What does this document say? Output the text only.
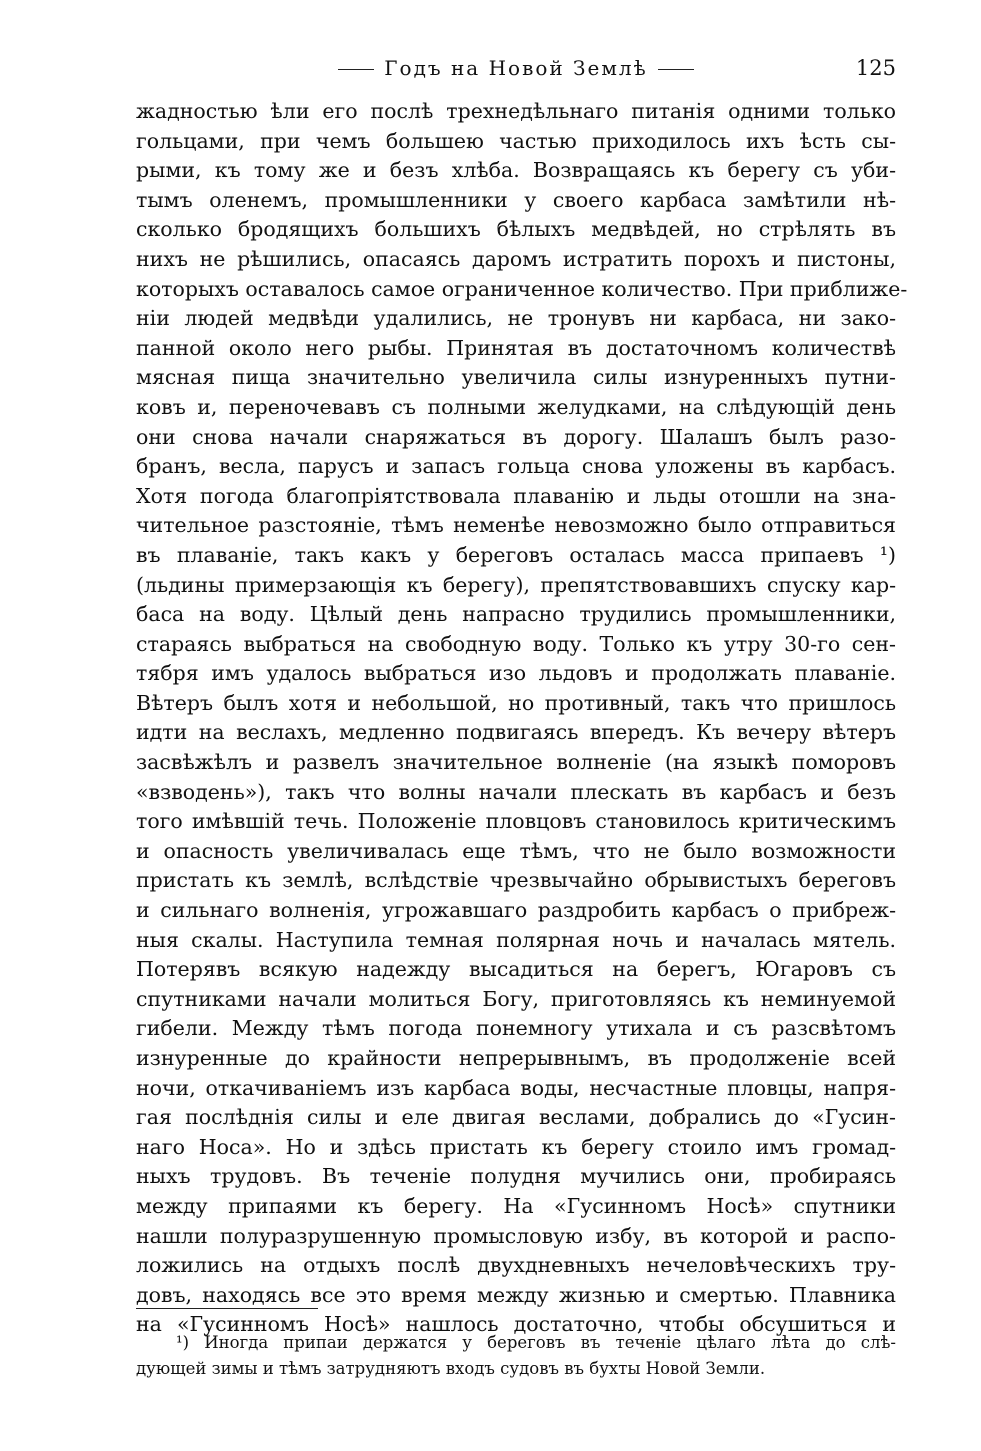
Годъ на Новой Землѣ	125
жадностью ѣли его послѣ трехнедѣльнаго питанія одними только
гольцами, при чемъ большею частью приходилось ихъ ѣсть сы-
рыми, къ тому же и безъ хлѣба. Возвращаясь къ берегу съ уби-
тымъ оленемъ, промышленники у своего карбаса замѣтили нѣ-
сколько бродящихъ большихъ бѣлыхъ медвѣдей, но стрѣлять въ
нихъ не рѣшились, опасаясь даромъ истратить порохъ и пистоны,
которыхъ оставалось самое ограниченное количество. При приближе-
ніи людей медвѣди удалились, не тронувъ ни карбаса, ни зако-
панной около него рыбы. Принятая въ достаточномъ количествѣ
мясная пища значительно увеличила силы изнуренныхъ путни-
ковъ и, переночевавъ съ полными желудками, на слѣдующій день
они снова начали снаряжаться въ дорогу. Шалашъ былъ разо-
бранъ, весла, парусъ и запасъ гольца снова уложены въ карбасъ.
Хотя погода благопріятствовала плаванію и льды отошли на зна-
чительное разстояніе, тѣмъ неменѣе невозможно было отправиться
въ плаваніе, такъ какъ у береговъ осталась масса припаевъ ¹)
(льдины примерзающія къ берегу), препятствовавшихъ спуску кар-
баса на воду. Цѣлый день напрасно трудились промышленники,
стараясь выбраться на свободную воду. Только къ утру 30-го сен-
тября имъ удалось выбраться изо льдовъ и продолжать плаваніе.
Вѣтеръ былъ хотя и небольшой, но противный, такъ что пришлось
идти на веслахъ, медленно подвигаясь впередъ. Къ вечеру вѣтеръ
засвѣжѣлъ и развелъ значительное волненіе (на языкѣ поморовъ
«взводень»), такъ что волны начали плескать въ карбасъ и безъ
того имѣвшій течь. Положеніе пловцовъ становилось критическимъ
и опасность увеличивалась еще тѣмъ, что не было возможности
пристать къ землѣ, вслѣдствіе чрезвычайно обрывистыхъ береговъ
и сильнаго волненія, угрожавшаго раздробить карбасъ о прибреж-
ныя скалы. Наступила темная полярная ночь и началась мятель.
Потерявъ всякую надежду высадиться на берегъ, Югаровъ съ
спутниками начали молиться Богу, приготовляясь къ неминуемой
гибели. Между тѣмъ погода понемногу утихала и съ разсвѣтомъ
изнуренные до крайности непрерывнымъ, въ продолженіе всей
ночи, откачиваніемъ изъ карбаса воды, несчастные пловцы, напря-
гая послѣднія силы и еле двигая веслами, добрались до «Гусин-
наго Носа». Но и здѣсь пристать къ берегу стоило имъ громад-
ныхъ трудовъ. Въ теченіе полудня мучились они, пробираясь
между припаями къ берегу. На «Гусинномъ Носѣ» спутники
нашли полуразрушенную промысловую избу, въ которой и распо-
ложились на отдыхъ послѣ двухдневныхъ нечеловѣческихъ тру-
довъ, находясь все это время между жизнью и смертью. Плавника
на «Гусинномъ Носѣ» нашлось достаточно, чтобы обсушиться и
¹) Иногда припаи держатся у береговъ въ теченіе цѣлаго лѣта до слѣ-
дующей зимы и тѣмъ затрудняютъ входъ судовъ въ бухты Новой Земли.
